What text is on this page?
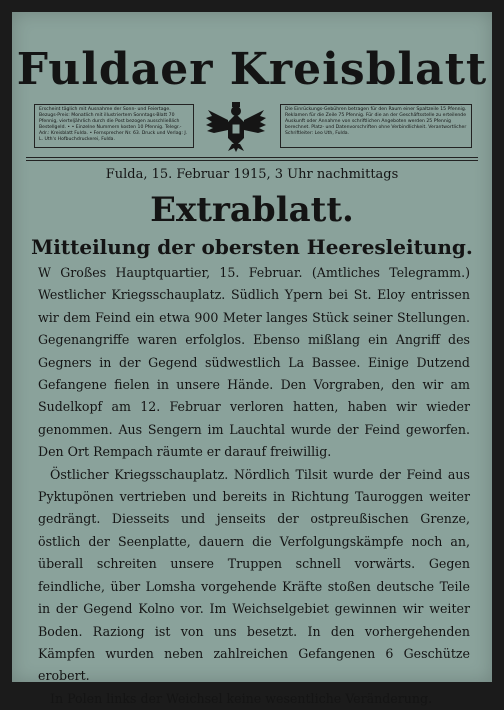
Fuldaer Kreisblatt
Erscheint täglich mit Ausnahme der Sonn- und Feiertage. Bezugs-Preis: Monatlich mit illustriertem Sonntags-Blatt 70 Pfennig, vierteljährlich durch die Post bezogen ausschließlich Bestellgeld. • • Einzelne Nummern kosten 10 Pfennig. Telegr.-Adr.: Kreisblatt Fulda. • Fernsprecher Nr. 63. Druck und Verlag: J. L. Uth's Hofbuchdruckerei, Fulda.
Die Einrückungs-Gebühren betragen für den Raum einer Spaltzeile 15 Pfennig. Reklamen für die Zeile 75 Pfennig. Für die an der Geschäftsstelle zu erteilende Auskunft oder Annahme von schriftlichen Angeboten werden 25 Pfennig berechnet. Platz- und Datenvorschriften ohne Verbindlichkeit. Verantwortlicher Schriftleiter: Leo Uth, Fulda.
Fulda, 15. Februar 1915, 3 Uhr nachmittags
Extrablatt.
Mitteilung der obersten Heeresleitung.

W Großes Hauptquartier, 15. Februar. (Amtliches Telegramm.) Westlicher Kriegsschauplatz. Südlich Ypern bei St. Eloy entrissen wir dem Feind ein etwa 900 Meter langes Stück seiner Stellungen. Gegenangriffe waren erfolglos. Ebenso mißlang ein Angriff des Gegners in der Gegend südwestlich La Bassee. Einige Dutzend Gefangene fielen in unsere Hände. Den Vorgraben, den wir am Sudelkopf am 12. Februar verloren hatten, haben wir wieder genommen. Aus Sengern im Lauchtal wurde der Feind geworfen. Den Ort Rempach räumte er darauf freiwillig.

Östlicher Kriegsschauplatz. Nördlich Tilsit wurde der Feind aus Pyktupönen vertrieben und bereits in Richtung Tauroggen weiter gedrängt. Diesseits und jenseits der ostpreußischen Grenze, östlich der Seenplatte, dauern die Verfolgungskämpfe noch an, überall schreiten unsere Truppen schnell vorwärts. Gegen feindliche, über Lomsha vorgehende Kräfte stoßen deutsche Teile in der Gegend Kolno vor. Im Weichselgebiet gewinnen wir weiter Boden. Raziong ist von uns besetzt. In den vorhergehenden Kämpfen wurden neben zahlreichen Gefangenen 6 Geschütze erobert.

In Polen links der Weichsel keine wesentliche Veränderung.
